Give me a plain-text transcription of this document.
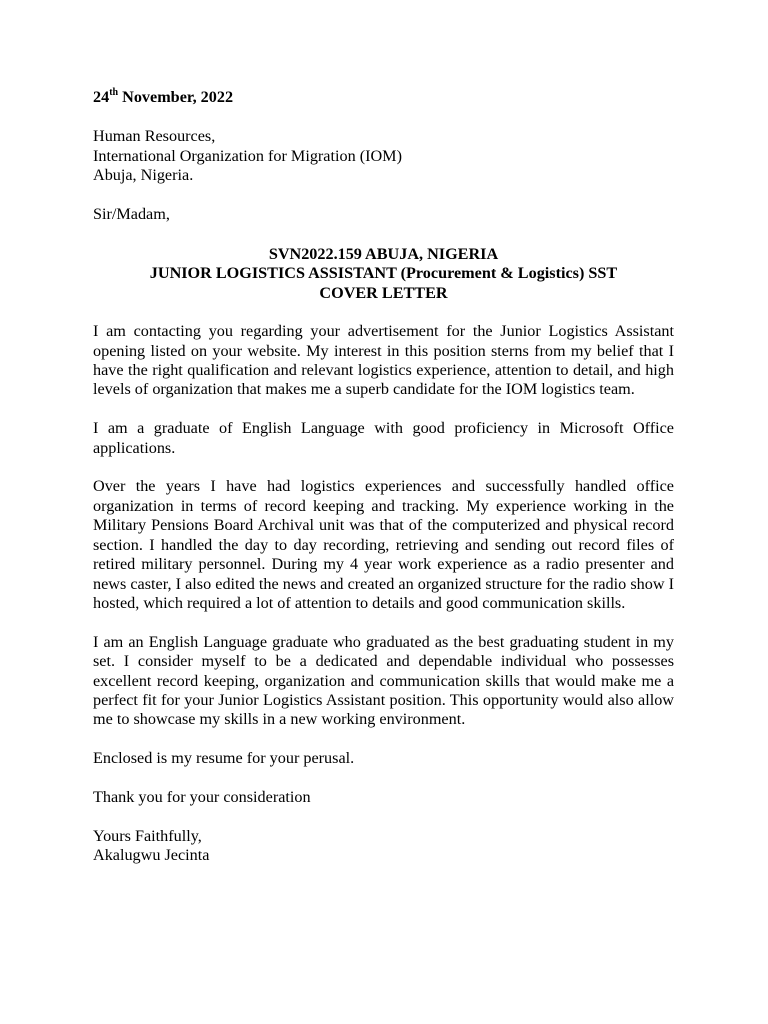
24th November, 2022

Human Resources,
International Organization for Migration (IOM)
Abuja, Nigeria.

Sir/Madam,

SVN2022.159 ABUJA, NIGERIA
JUNIOR LOGISTICS ASSISTANT (Procurement & Logistics) SST
COVER LETTER

I am contacting you regarding your advertisement for the Junior Logistics Assistant opening listed on your website. My interest in this position sterns from my belief that I have the right qualification and relevant logistics experience, attention to detail, and high levels of organization that makes me a superb candidate for the IOM logistics team.

I am a graduate of English Language with good proficiency in Microsoft Office applications.

Over the years I have had logistics experiences and successfully handled office organization in terms of record keeping and tracking. My experience working in the Military Pensions Board Archival unit was that of the computerized and physical record section. I handled the day to day recording, retrieving and sending out record files of retired military personnel. During my 4 year work experience as a radio presenter and news caster, I also edited the news and created an organized structure for the radio show I hosted, which required a lot of attention to details and good communication skills.

I am an English Language graduate who graduated as the best graduating student in my set. I consider myself to be a dedicated and dependable individual who possesses excellent record keeping, organization and communication skills that would make me a perfect fit for your Junior Logistics Assistant position. This opportunity would also allow me to showcase my skills in a new working environment.

Enclosed is my resume for your perusal.

Thank you for your consideration

Yours Faithfully,
Akalugwu Jecinta
